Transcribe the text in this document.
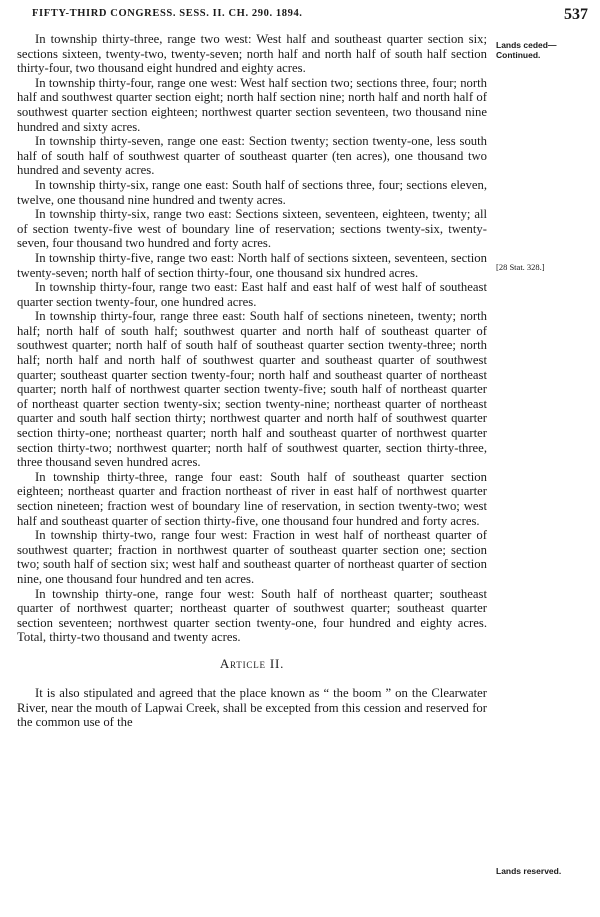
FIFTY-THIRD CONGRESS. SESS. II. CH. 290. 1894.	537
Lands ceded—Continued.
[28 Stat. 328.]
Lands reserved.

In township thirty-three, range two west: West half and southeast quarter section six; sections sixteen, twenty-two, twenty-seven; north half and north half of south half section thirty-four, two thousand eight hundred and eighty acres.

In township thirty-four, range one west: West half section two; sections three, four; north half and southwest quarter section eight; north half section nine; north half and north half of southwest quarter section eighteen; northwest quarter section seventeen, two thousand nine hundred and sixty acres.

In township thirty-seven, range one east: Section twenty; section twenty-one, less south half of south half of southwest quarter of southeast quarter (ten acres), one thousand two hundred and seventy acres.

In township thirty-six, range one east: South half of sections three, four; sections eleven, twelve, one thousand nine hundred and twenty acres.

In township thirty-six, range two east: Sections sixteen, seventeen, eighteen, twenty; all of section twenty-five west of boundary line of reservation; sections twenty-six, twenty-seven, four thousand two hundred and forty acres.

In township thirty-five, range two east: North half of sections sixteen, seventeen, section twenty-seven; north half of section thirty-four, one thousand six hundred acres.

In township thirty-four, range two east: East half and east half of west half of southeast quarter section twenty-four, one hundred acres.

In township thirty-four, range three east: South half of sections nineteen, twenty; north half; north half of south half; southwest quarter and north half of southeast quarter of southwest quarter; north half of south half of southeast quarter section twenty-three; north half; north half and north half of southwest quarter and southeast quarter of southwest quarter; southeast quarter section twenty-four; north half and southeast quarter of northeast quarter; north half of northwest quarter section twenty-five; south half of northeast quarter of northeast quarter section twenty-six; section twenty-nine; northeast quarter of northeast quarter and south half section thirty; northwest quarter and north half of southwest quarter section thirty-one; northeast quarter; north half and southeast quarter of northwest quarter section thirty-two; northwest quarter; north half of southwest quarter, section thirty-three, three thousand seven hundred acres.

In township thirty-three, range four east: South half of southeast quarter section eighteen; northeast quarter and fraction northeast of river in east half of northwest quarter section nineteen; fraction west of boundary line of reservation, in section twenty-two; west half and southeast quarter of section thirty-five, one thousand four hundred and forty acres.

In township thirty-two, range four west: Fraction in west half of northeast quarter of southwest quarter; fraction in northwest quarter of southeast quarter section one; section two; south half of section six; west half and southeast quarter of northeast quarter of section nine, one thousand four hundred and ten acres.

In township thirty-one, range four west: South half of northeast quarter; southeast quarter of northwest quarter; northeast quarter of southwest quarter; southeast quarter section seventeen; northwest quarter section twenty-one, four hundred and eighty acres. Total, thirty-two thousand and twenty acres.

Article II.

It is also stipulated and agreed that the place known as “ the boom ” on the Clearwater River, near the mouth of Lapwai Creek, shall be excepted from this cession and reserved for the common use of the
